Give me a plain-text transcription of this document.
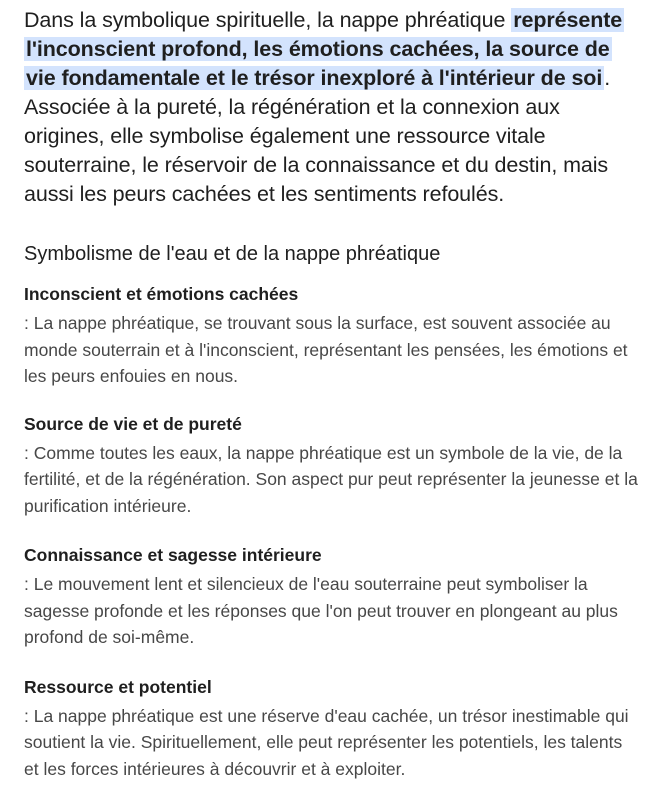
Dans la symbolique spirituelle, la nappe phréatique représente l'inconscient profond, les émotions cachées, la source de vie fondamentale et le trésor inexploré à l'intérieur de soi. Associée à la pureté, la régénération et la connexion aux origines, elle symbolise également une ressource vitale souterraine, le réservoir de la connaissance et du destin, mais aussi les peurs cachées et les sentiments refoulés.

Symbolisme de l'eau et de la nappe phréatique
Inconscient et émotions cachées

: La nappe phréatique, se trouvant sous la surface, est souvent associée au monde souterrain et à l'inconscient, représentant les pensées, les émotions et les peurs enfouies en nous.

Source de vie et de pureté

: Comme toutes les eaux, la nappe phréatique est un symbole de la vie, de la fertilité, et de la régénération. Son aspect pur peut représenter la jeunesse et la purification intérieure.

Connaissance et sagesse intérieure

: Le mouvement lent et silencieux de l'eau souterraine peut symboliser la sagesse profonde et les réponses que l'on peut trouver en plongeant au plus profond de soi-même.

Ressource et potentiel

: La nappe phréatique est une réserve d'eau cachée, un trésor inestimable qui soutient la vie. Spirituellement, elle peut représenter les potentiels, les talents et les forces intérieures à découvrir et à exploiter.
